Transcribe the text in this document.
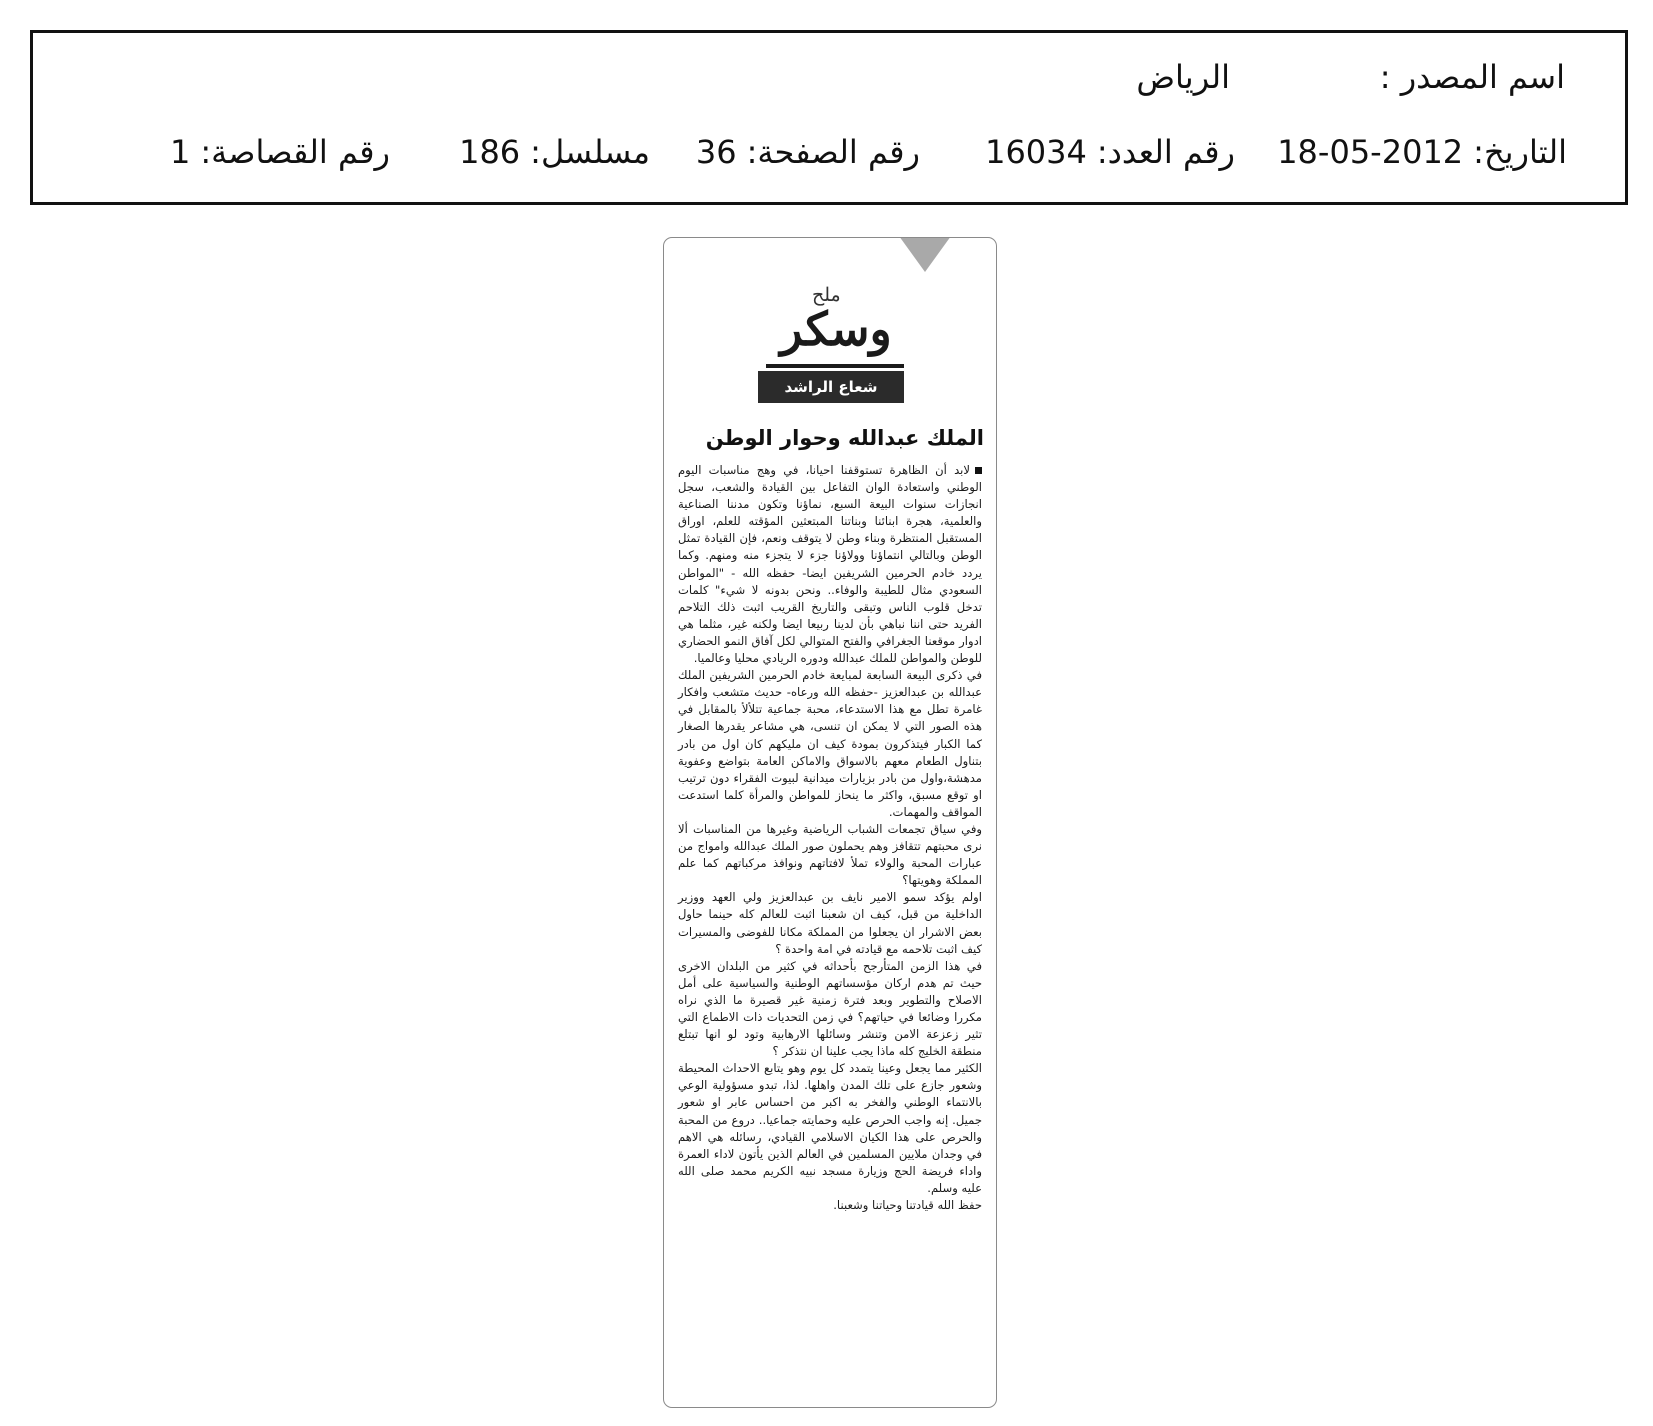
اسم المصدر :
الرياض
التاريخ:2012-05-18
رقم العدد:16034
رقم الصفحة:36
مسلسل:186
رقم القصاصة:1
ملح
وسكر
شعاع الراشد
الملك عبدالله وحوار الوطن

لابد أن الظاهرة تستوقفنا احيانا، في وهج مناسبات اليوم الوطني واستعادة الوان التفاعل بين القيادة والشعب، سجل انجازات سنوات البيعة السبع، نماؤنا وتكون مدننا الصناعية والعلمية، هجرة ابنائنا وبناتنا المبتعثين المؤقته للعلم، اوراق المستقبل المنتظرة وبناء وطن لا يتوقف ونعم، فإن القيادة تمثل الوطن وبالتالي انتماؤنا وولاؤنا جزء لا يتجزء منه ومنهم. وكما يردد خادم الحرمين الشريفين ايضا- حفظه الله - "المواطن السعودي مثال للطيبة والوفاء.. ونحن بدونه لا شيء" كلمات تدخل قلوب الناس وتبقى والتاريخ القريب اثبت ذلك التلاحم الفريد حتى اننا نباهي بأن لدينا ربيعا ايضا ولكنه غير، مثلما هي ادوار موقعنا الجغرافي والفتح المتوالي لكل آفاق النمو الحضاري للوطن والمواطن للملك عبدالله ودوره الريادي محليا وعالميا.

في ذكرى البيعة السابعة لمبايعة خادم الحرمين الشريفين الملك عبدالله بن عبدالعزيز -حفظه الله ورعاه- حديث متشعب وافكار غامرة تطل مع هذا الاستدعاء، محبة جماعية تتلألأ بالمقابل في هذه الصور التي لا يمكن ان تنسى، هي مشاعر يقدرها الصغار كما الكبار فيتذكرون بمودة كيف ان مليكهم كان اول من بادر بتناول الطعام معهم بالاسواق والاماكن العامة بتواضع وعفوية مدهشة،واول من بادر بزيارات ميدانية لبيوت الفقراء دون ترتيب او توقع مسبق، واكثر ما ينحاز للمواطن والمرأة كلما استدعت المواقف والمهمات.

وفي سياق تجمعات الشباب الرياضية وغيرها من المناسبات ألا نرى محبتهم تتقافز وهم يحملون صور الملك عبدالله وامواج من عبارات المحبة والولاء تملأ لافتاتهم ونوافذ مركباتهم كما علم المملكة وهويتها؟

اولم يؤكد سمو الامير نايف بن عبدالعزيز ولي العهد ووزير الداخلية من قبل، كيف ان شعبنا اثبت للعالم كله حينما حاول بعض الاشرار ان يجعلوا من المملكة مكانا للفوضى والمسيرات كيف اثبت تلاحمه مع قيادته في امة واحدة ؟

في هذا الزمن المتأرجح بأحداثه في كثير من البلدان الاخرى حيث تم هدم اركان مؤسساتهم الوطنية والسياسية على أمل الاصلاح والتطوير وبعد فترة زمنية غير قصيرة ما الذي نراه مكررا وضائعا في حياتهم؟ في زمن التحديات ذات الاطماع التي تثير زعزعة الامن وتنشر وسائلها الارهابية وتود لو انها تبتلع منطقة الخليج كله ماذا يجب علينا ان نتذكر ؟

الكثير مما يجعل وعينا يتمدد كل يوم وهو يتابع الاحداث المحيطة وشعور جازع على تلك المدن واهلها. لذا، تبدو مسؤولية الوعي بالانتماء الوطني والفخر به اكبر من احساس عابر او شعور جميل. إنه واجب الحرص عليه وحمايته جماعيا.. دروع من المحبة والحرص على هذا الكيان الاسلامي القيادي، رسائله هي الاهم في وجدان ملايين المسلمين في العالم الذين يأتون لاداء العمرة واداء فريضة الحج وزيارة مسجد نبيه الكريم محمد صلى الله عليه وسلم.

حفظ الله قيادتنا وحياتنا وشعبنا.
